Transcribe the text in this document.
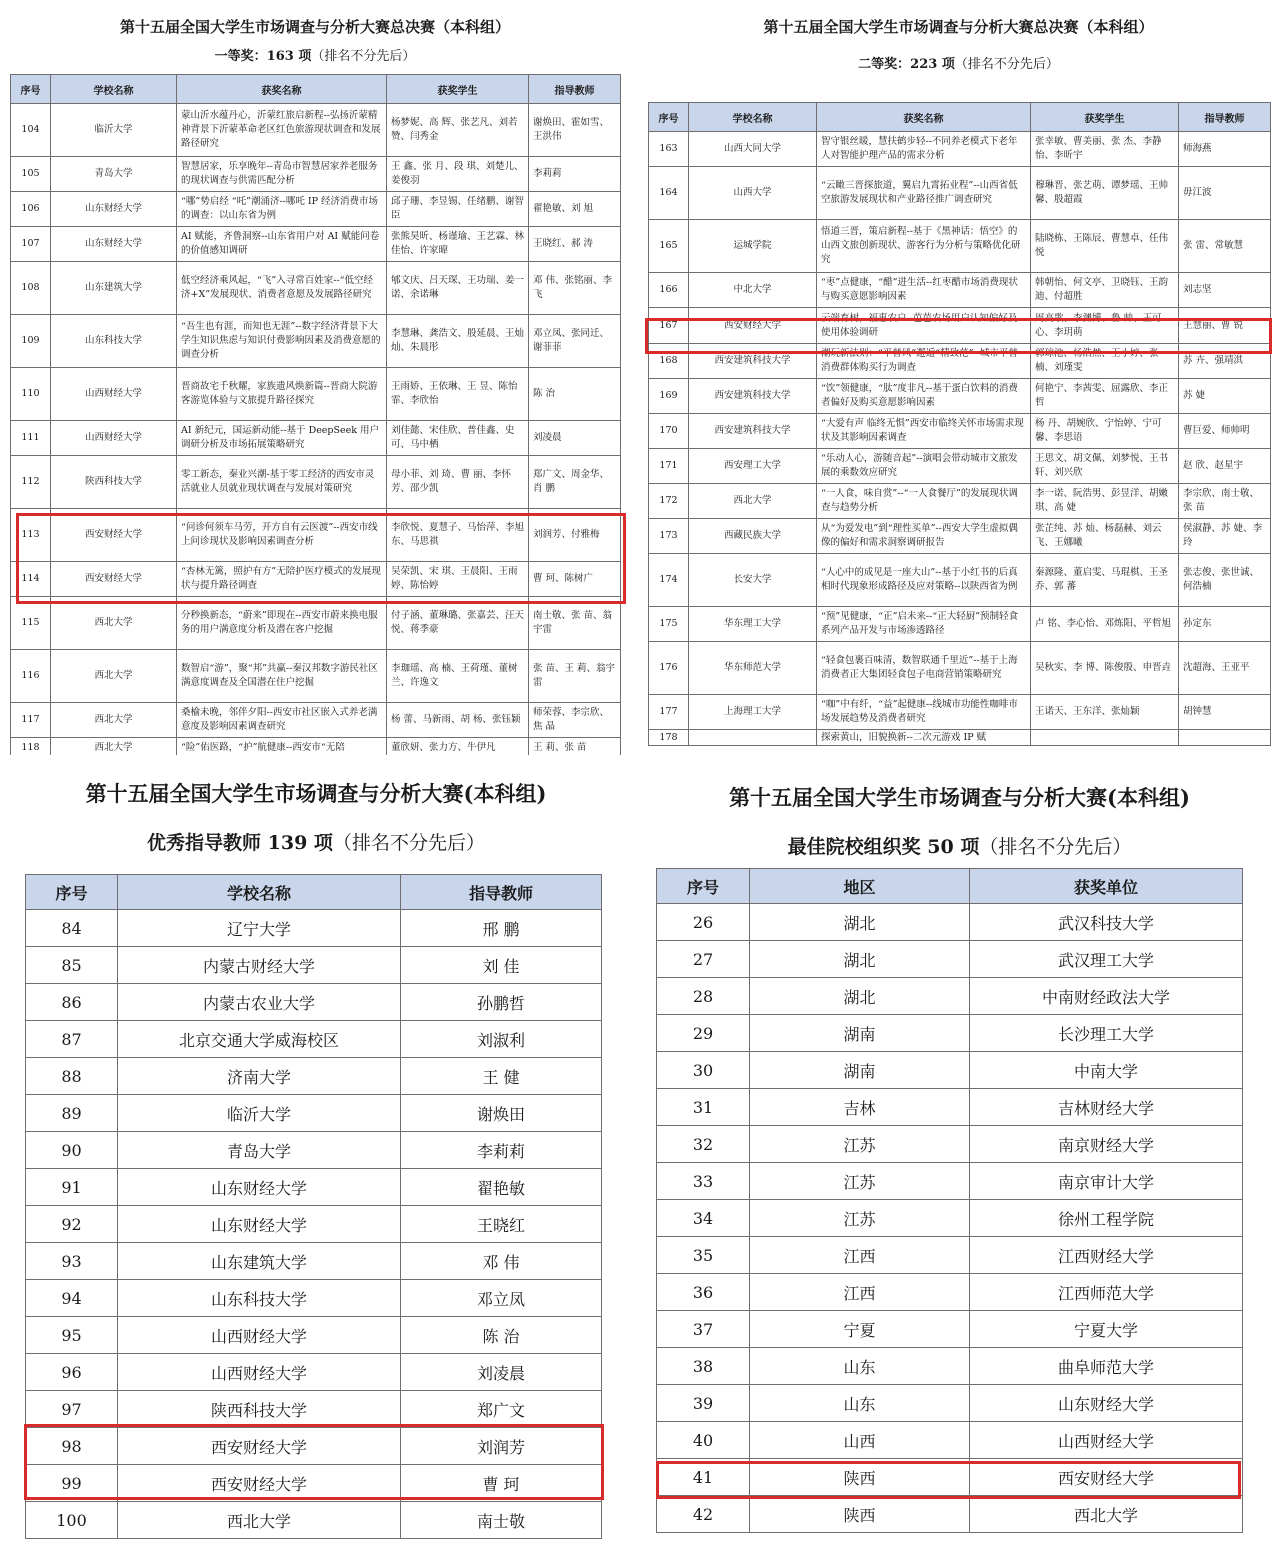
第十五届全国大学生市场调查与分析大赛总决赛（本科组）
一等奖：163 项（排名不分先后）
序号	学校名称	获奖名称	获奖学生	指导教师
104	临沂大学	蒙山沂水蕴丹心，沂蒙红旅启新程--弘扬沂蒙精神背景下沂蒙革命老区红色旅游现状调查和发展路径研究	杨梦妮、高 辉、张艺凡、刘若赞、闫秀金	谢焕田、霍如雪、王洪伟
105	青岛大学	智慧居家，乐享晚年--青岛市智慧居家养老服务的现状调查与供需匹配分析	王 鑫、张 月、段 琪、刘楚儿、姜俊羽	李莉莉
106	山东财经大学	“哪”势启经 “吒”潮涌济--哪吒 IP 经济消费市场的调查：以山东省为例	邱子珊、李昱锡、任绪鹏、谢智臣	翟艳敏、刘 旭
107	山东财经大学	AI 赋能，齐鲁洞察--山东省用户对 AI 赋能问卷的价值感知调研	张熊昊昕、杨谨瑜、王艺霖、林佳怡、许家暐	王晓红、郝 涛
108	山东建筑大学	低空经济乘风起，“飞”入寻常百姓家--“低空经济+X”发展现状、消费者意愿及发展路径研究	郇文庆、吕天琛、王功瑞、姜一诺、余诺琳	邓 伟、张铭丽、李 飞
109	山东科技大学	“吾生也有涯，而知也无涯”--数字经济背景下大学生知识焦虑与知识付费影响因素及消费意愿的调查分析	李慧琳、龚浩文、殷延晨、王灿灿、朱晨彤	邓立凤、张同迁、谢菲菲
110	山西财经大学	晋商故宅千秋耀，家族遗风焕新篇--晋商大院游客游览体验与文旅提升路径探究	王雨娇、王依琳、王 昱、陈怡霏、李欣怡	陈 治
111	山西财经大学	AI 新纪元，国运新动能--基于 DeepSeek 用户调研分析及市场拓展策略研究	刘佳懿、宋佳欣、普佳鑫、史 可、马中栖	刘凌晨
112	陕西科技大学	零工新态，秦业兴潮-基于零工经济的西安市灵活就业人员就业现状调查与发展对策研究	母小菲、刘 琦、曹 丽、李怀芳、邵少凯	郑广文、周金华、肖 鹏
113	西安财经大学	“问诊何须车马劳，开方自有云医渡”--西安市线上问诊现状及影响因素调查分析	李欣悦、夏慧子、马怡萍、李旭东、马思祺	刘润芳、付雅梅
114	西安财经大学	“杏林无篱，照护有方”无陪护医疗模式的发展现状与提升路径调查	吴荣凯、宋 琪、王晨阳、王雨婷、陈怡婷	曹 珂、陈树广
115	西北大学	分秒换新态，“蔚来”即现在--西安市蔚来换电服务的用户满意度分析及潜在客户挖掘	付子涵、董琳璐、张嘉芸、汪天悦、蒋季豪	南士敬、张 苗、翁宇雷
116	西北大学	数智启“游”，聚“邦”共赢--秦汉邦数字游民社区满意度调查及全国潜在住户挖掘	李珈瑶、高 楠、王荷瑾、董树兰、许逸文	张 苗、王 莉、翁宇雷
117	西北大学	桑榆未晚，邻伴夕阳--西安市社区嵌入式养老满意度及影响因素调查研究	杨 蕾、马新雨、胡 杨、张钰颖	师荣蓉、李宗欣、焦 晶
118	西北大学	“险”佑医路，“护”航健康--西安市“无陪	董欣妍、张力方、牛伊凡	王 莉、张 苗
第十五届全国大学生市场调查与分析大赛总决赛（本科组）
二等奖：223 项（排名不分先后）
序号	学校名称	获奖名称	获奖学生	指导教师
163	山西大同大学	智守银丝暖，慧扶鹤步轻--不同养老模式下老年人对智能护理产品的需求分析	张幸敏、曹美丽、张 杰、李静怡、李昕宇	师海燕
164	山西大学	“云瞰三晋探旅道，翼启九霄拓业程”--山西省低空旅游发展现状和产业路径推广调查研究	穆琳晋、张艺萌、谭梦瑶、王帅馨、殷超霞	毋江波
165	运城学院	悟道三晋，策启新程--基于《黑神话：悟空》的山西文旅创新现状、游客行为分析与策略优化研究	陆晓栋、王陈辰、曹慧卓、任伟悦	张 雷、常敏慧
166	中北大学	“枣”点健康，“醋”进生活--红枣醋市场消费现状与购买意愿影响因素	韩朝怡、何文亭、卫晓钰、王韵迪、付超胜	刘志坚
167	西安财经大学	云端育树，福惠农户--芭芭农场用户认知偏好及使用体验调研	周高歌、李渊博、鲁 帅、王可心、李玥萌	王慧丽、曹 锐
168	西安建筑科技大学	潮玩新法则：“平替风”邂逅“精致范”--城市平替消费群体购买行为调查	郭琼池、杨浩然、王小婷、张 楠、刘瑾雯	苏 卉、强靖淇
169	西安建筑科技大学	“饮”领健康，“肽”度非凡--基于蛋白饮料的消费者偏好及购买意愿影响因素	何艳宁、李茜雯、屈露欣、李正哲	苏 婕
170	西安建筑科技大学	“大爱有声 临终无惧”西安市临终关怀市场需求现状及其影响因素调查	杨 丹、胡婉欣、宁怡婷、宁可馨、李思语	曹巨爱、师帅明
171	西安理工大学	“乐动人心，游随音起”--演唱会带动城市文旅发展的乘数效应研究	王思文、胡文佩、刘梦悦、王书轩、刘兴欣	赵 欣、赵星宇
172	西北大学	“一人食，味自赏”--“一人食餐厅”的发展现状调查与趋势分析	李一诺、阮浩男、彭昱洋、胡嫩琪、高 婕	李宗欣、南士敬、张 苗
173	西藏民族大学	从“为爱发电”到“理性买单”--西安大学生虚拟偶像的偏好和需求洞察调研报告	张芷纯、苏 灿、杨磊赫、刘云飞、王娜曦	侯淑静、苏 婕、李 玲
174	长安大学	“人心中的成见是一座大山”--基于小红书的后真相时代现象形成路径及应对策略--以陕西省为例	秦源隆、董启雯、马琨棋、王圣乔、郭 蕃	张志俊、张世诚、何浩楠
175	华东理工大学	“预”见健康，“正”启未来--“正大轻厨”预制轻食系列产品开发与市场渗透路径	卢 铭、李心怡、邓炼阳、平哲旭	孙定东
176	华东师范大学	“轻食包裹百味清，数智联通千里近”--基于上海消费者正大集团轻食包子电商营销策略研究	吴秋实、李 博、陈俊殷、申晋垚	沈超海、王亚平
177	上海理工大学	“咖”中有纤，“益”起健康--线城市功能性咖啡市场发展趋势及消费者研究	王诺天、王东洋、张灿颖	胡钟慧
178		探索黄山，旧貌换新--二次元游戏 IP 赋		
第十五届全国大学生市场调查与分析大赛(本科组)
优秀指导教师 139 项（排名不分先后）
序号	学校名称	指导教师
84	辽宁大学	邢 鹏
85	内蒙古财经大学	刘 佳
86	内蒙古农业大学	孙鹏哲
87	北京交通大学威海校区	刘淑利
88	济南大学	王 健
89	临沂大学	谢焕田
90	青岛大学	李莉莉
91	山东财经大学	翟艳敏
92	山东财经大学	王晓红
93	山东建筑大学	邓 伟
94	山东科技大学	邓立凤
95	山西财经大学	陈 治
96	山西财经大学	刘凌晨
97	陕西科技大学	郑广文
98	西安财经大学	刘润芳
99	西安财经大学	曹 珂
100	西北大学	南士敬
第十五届全国大学生市场调查与分析大赛(本科组)
最佳院校组织奖 50 项（排名不分先后）
序号	地区	获奖单位
26	湖北	武汉科技大学
27	湖北	武汉理工大学
28	湖北	中南财经政法大学
29	湖南	长沙理工大学
30	湖南	中南大学
31	吉林	吉林财经大学
32	江苏	南京财经大学
33	江苏	南京审计大学
34	江苏	徐州工程学院
35	江西	江西财经大学
36	江西	江西师范大学
37	宁夏	宁夏大学
38	山东	曲阜师范大学
39	山东	山东财经大学
40	山西	山西财经大学
41	陕西	西安财经大学
42	陕西	西北大学
